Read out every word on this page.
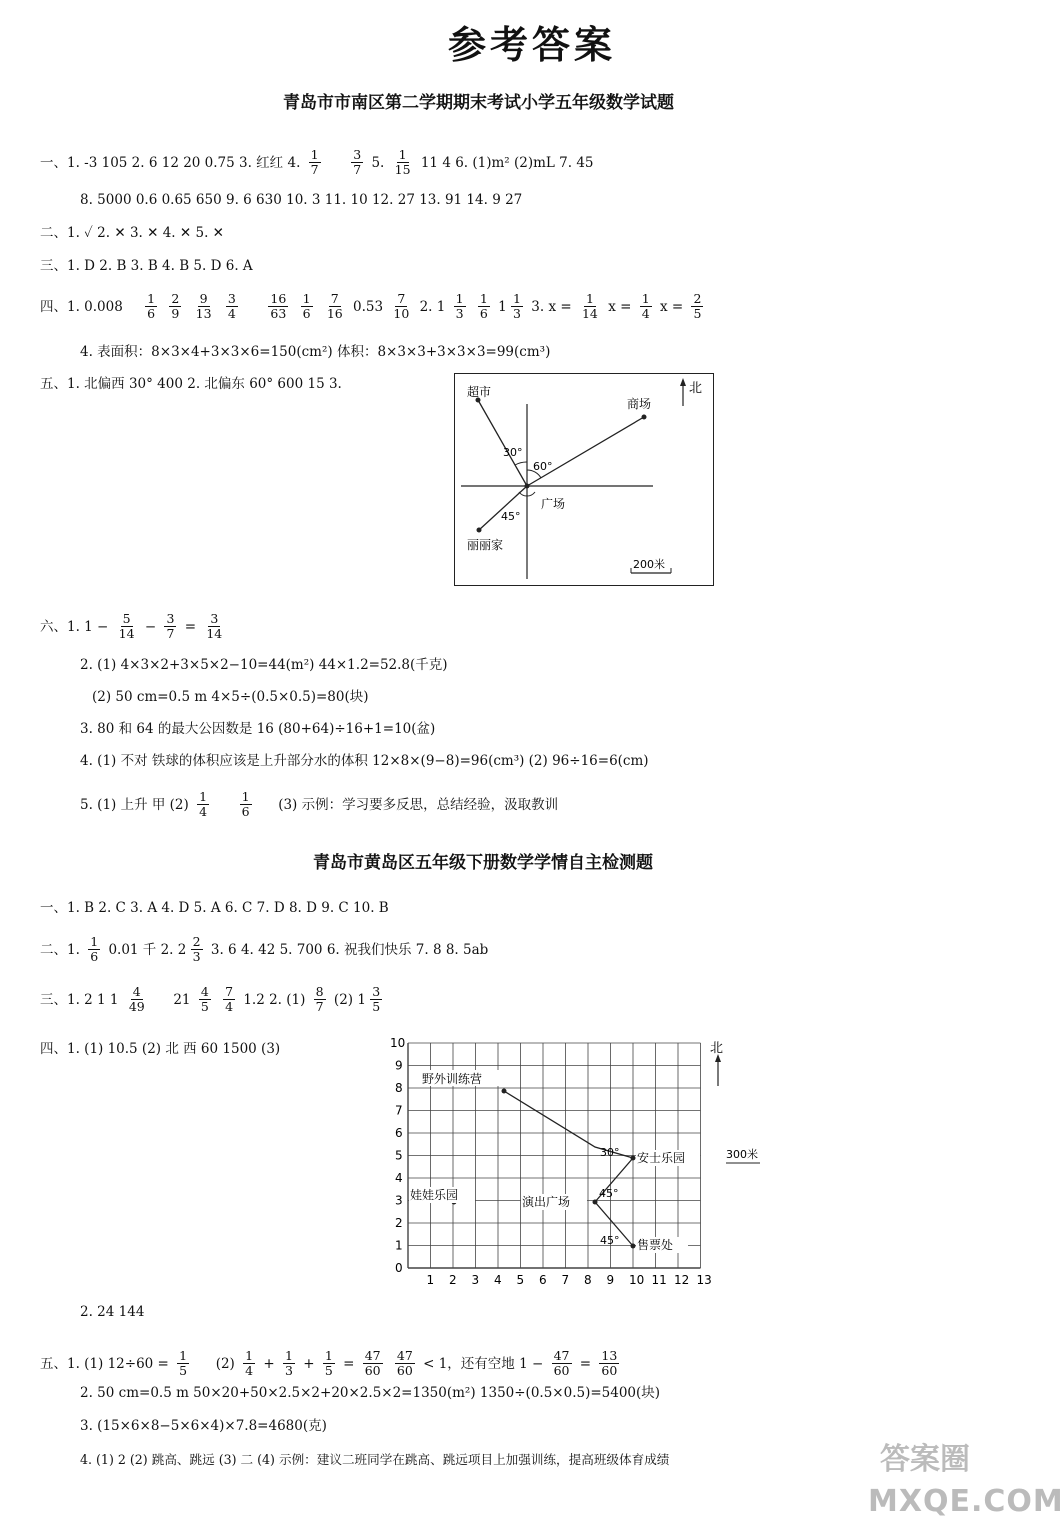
参考答案
青岛市市南区第二学期期末考试小学五年级数学试题
一、1. -3 105 2. 6 12 20 0.75 3. 红红 4. $\frac{1}{7}$
$\frac{3}{7} 5$. $\frac{1}{15} 11$ 4 6. (1)m² (2)mL 7. 45
8. 5000 0.6 0.65 650 9. 6 630 10. 3 11. 10 12. 27 13. 91 14. 9 27
二、1. ✓ 2. ✕ 3. ✕ 4. ✕ 5. ✕
三、1. D 2. B 3. B 4. B 5. D 6. A
四、1. $0.008 \frac{1}{6}$
$\frac{2}{9}$
$\frac{9}{13}$
$\frac{3}{4}$
$\frac{16}{63}$
$\frac{1}{6}$
$\frac{7}{16} 0.53 \frac{7}{10} 2$. $1 \frac{1}{3}$
$\frac{1}{6} 1 \frac{1}{3} 3$. $x = \frac{1}{14}$ $x = \frac{1}{4}$ $x = \frac{2}{5}$
4. 表面积：8×3×4+3×3×6=150(cm²) 体积：8×3×3+3×3×3=99(cm³)
五、1. 北偏西 30° 400 2. 北偏东 60° 600 15 3.	北
超市
商场
广场
丽丽家
30°
60°
45°
200米
六、1. $1 - \frac{5}{14} - \frac{3}{7} = \frac{3}{14}$
2. (1) 4×3×2+3×5×2−10=44(m²) 44×1.2=52.8(千克)
(2) 50 cm=0.5 m 4×5÷(0.5×0.5)=80(块)
3. 80 和 64 的最大公因数是 16 (80+64)÷16+1=10(盆)
4. (1) 不对 铁球的体积应该是上升部分水的体积 12×8×(9−8)=96(cm³) (2) 96÷16=6(cm)
5. (1) 上升 甲 $(2) \frac{1}{4}$
$\frac{1}{6} (3)$ 示例：学习要多反思，总结经验，汲取教训
青岛市黄岛区五年级下册数学学情自主检测题
一、1. B 2. C 3. A 4. D 5. A 6. C 7. D 8. D 9. C 10. B
二、1. $\frac{1}{6} 0.01$ 千 2. $2 \frac{2}{3} 3$. 6 4. 42 5. 700 6. 祝我们快乐 7. 8 8. 5ab
三、1. 2 1 $1 \frac{4}{49} 21 \frac{4}{5}$
$\frac{7}{4} 1.2$ 2. $(1) \frac{8}{7} (2)$ $1 \frac{3}{5}$
四、1. (1) 10.5 (2) 北 西 60 1500 (3)
1 2 3 4 5 6 7 8 9 10 11 12 13
0
1
2
3
4
5
6
7
8
9
10	北
野外训练营
安士乐园
娃娃乐园	演出广场
售票处
30°
45°
45°
300米
2. 24 144
五、1. (1) $12\div 60 = \frac{1}{5} (2) \frac{1}{4} + \frac{1}{3} + \frac{1}{5} = \frac{47}{60}$
$\frac{47}{60} < 1$，还有空地 $1 - \frac{47}{60} = \frac{13}{60}$
2. 50 cm=0.5 m 50×20+50×2.5×2+20×2.5×2=1350(m²) 1350÷(0.5×0.5)=5400(块)
3. (15×6×8−5×6×4)×7.8=4680(克)
4. (1) 2 (2) 跳高、跳远 (3) 二 (4) 示例：建议二班同学在跳高、跳远项目上加强训练，提高班级体育成绩	答案圈
MXQE.COM
